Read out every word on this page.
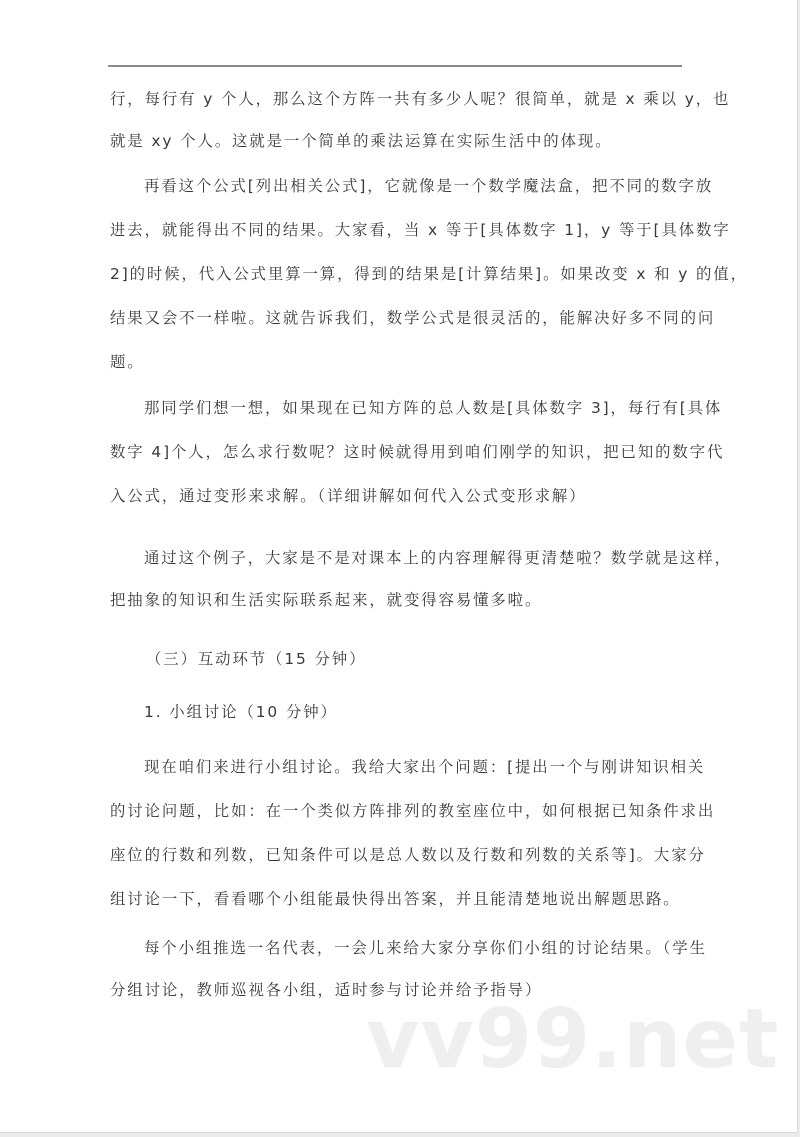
行，每行有 y 个人，那么这个方阵一共有多少人呢？很简单，就是 x 乘以 y，也
就是 xy 个人。这就是一个简单的乘法运算在实际生活中的体现。
再看这个公式[列出相关公式]，它就像是一个数学魔法盒，把不同的数字放
进去，就能得出不同的结果。大家看，当 x 等于[具体数字 1]，y 等于[具体数字
2]的时候，代入公式里算一算，得到的结果是[计算结果]。如果改变 x 和 y 的值，
结果又会不一样啦。这就告诉我们，数学公式是很灵活的，能解决好多不同的问
题。
那同学们想一想，如果现在已知方阵的总人数是[具体数字 3]，每行有[具体
数字 4]个人，怎么求行数呢？这时候就得用到咱们刚学的知识，把已知的数字代
入公式，通过变形来求解。（详细讲解如何代入公式变形求解）
通过这个例子，大家是不是对课本上的内容理解得更清楚啦？数学就是这样，
把抽象的知识和生活实际联系起来，就变得容易懂多啦。
（三）互动环节（15 分钟）
1. 小组讨论（10 分钟）
现在咱们来进行小组讨论。我给大家出个问题：[提出一个与刚讲知识相关
的讨论问题，比如：在一个类似方阵排列的教室座位中，如何根据已知条件求出
座位的行数和列数，已知条件可以是总人数以及行数和列数的关系等]。大家分
组讨论一下，看看哪个小组能最快得出答案，并且能清楚地说出解题思路。
每个小组推选一名代表，一会儿来给大家分享你们小组的讨论结果。（学生
分组讨论，教师巡视各小组，适时参与讨论并给予指导）
vv99.net
